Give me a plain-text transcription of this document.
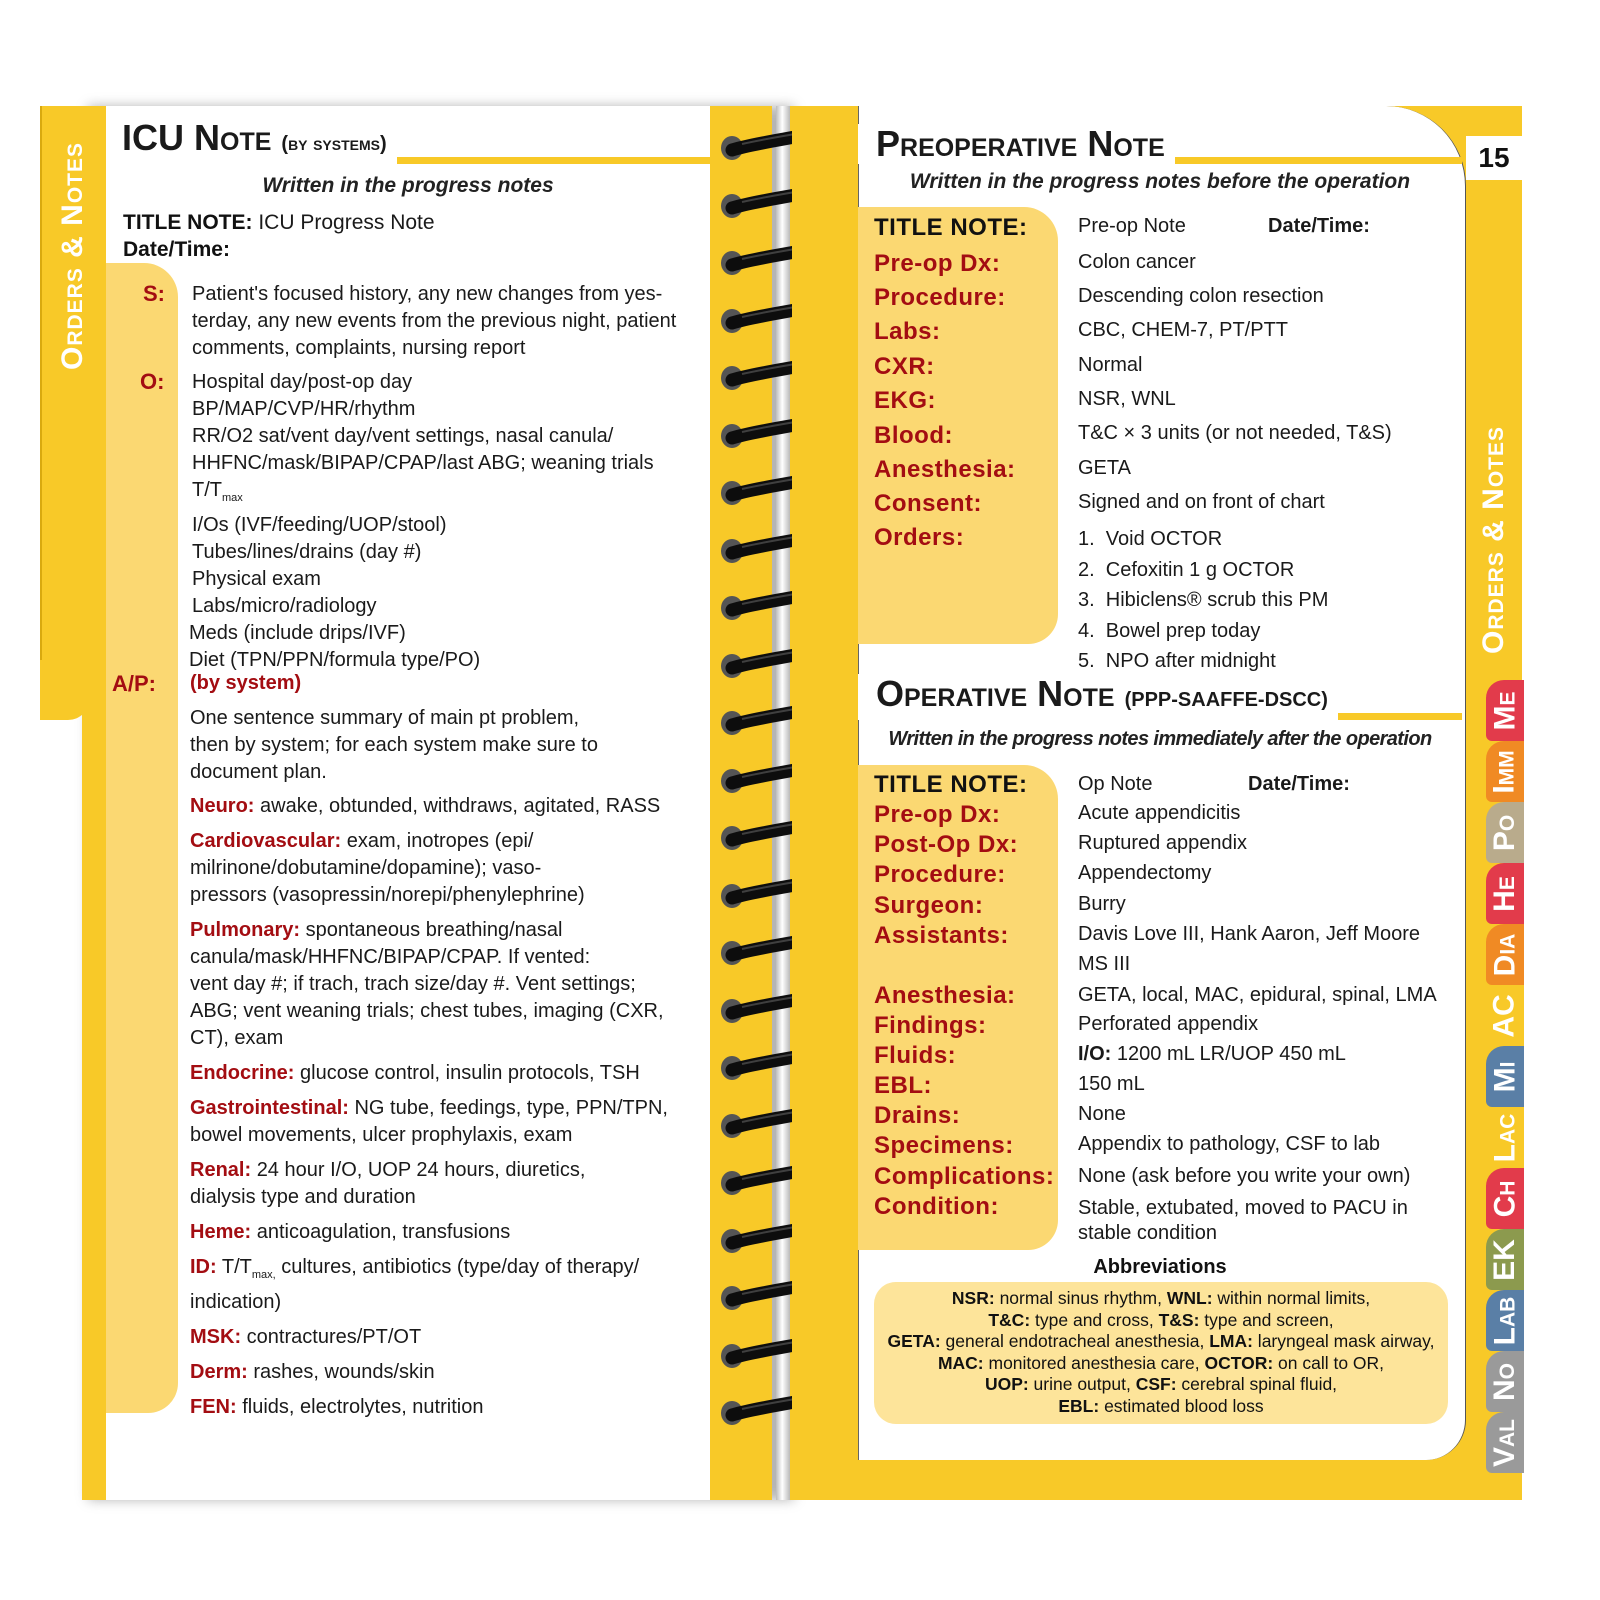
Orders & Notes
ICU Note (by systems)
Written in the progress notes
TITLE NOTE: ICU Progress Note
Date/Time:
S: Patient's focused history, any new changes from yes-
terday, any new events from the previous night, patient
comments, complaints, nursing report
O: Hospital day/post-op day
BP/MAP/CVP/HR/rhythm
RR/O2 sat/vent day/vent settings, nasal canula/
HHFNC/mask/BIPAP/CPAP/last ABG; weaning trials
$T/T_{max}$
I/Os (IVF/feeding/UOP/stool)
Tubes/lines/drains (day #)
Physical exam
Labs/micro/radiology
Meds (include drips/IVF)
Diet (TPN/PPN/formula type/PO)
A/P: (by system)
One sentence summary of main pt problem,
then by system; for each system make sure to
document plan.
Neuro: awake, obtunded, withdraws, agitated, RASS
Cardiovascular: exam, inotropes (epi/
milrinone/dobutamine/dopamine); vaso-
pressors (vasopressin/norepi/phenylephrine)
Pulmonary: spontaneous breathing/nasal
canula/mask/HHFNC/BIPAP/CPAP. If vented:
vent day #; if trach, trach size/day #. Vent settings;
ABG; vent weaning trials; chest tubes, imaging (CXR,
CT), exam
Endocrine: glucose control, insulin protocols, TSH
Gastrointestinal: NG tube, feedings, type, PPN/TPN,
bowel movements, ulcer prophylaxis, exam
Renal: 24 hour I/O, UOP 24 hours, diuretics,
dialysis type and duration
Heme: anticoagulation, transfusions
ID: $T/T_{max,}$ cultures, antibiotics (type/day of therapy/
indication)
MSK: contractures/PT/OT
Derm: rashes, wounds/skin
FEN: fluids, electrolytes, nutrition
15
Orders & Notes
Me
Imm
Po
He
Dia
AC
Mi
Lac
Ch
EK
Lab
No
Val
Preoperative Note
Written in the progress notes before the operation
TITLE NOTE:	Pre-op Note	Date/Time:
Pre-op Dx:	Colon cancer
Procedure:	Descending colon resection
Labs:	CBC, CHEM-7, PT/PTT
CXR:	Normal
EKG:	NSR, WNL
Blood:	T&C × 3 units (or not needed, T&S)
Anesthesia:	GETA
Consent:	Signed and on front of chart
Orders:	1.  Void OCTOR
2.  Cefoxitin 1 g OCTOR
3.  Hibiclens® scrub this PM
4.  Bowel prep today
5.  NPO after midnight
Operative Note (PPP-SAAFFE-DSCC)
Written in the progress notes immediately after the operation
TITLE NOTE:	Op Note	Date/Time:
Pre-op Dx:	Acute appendicitis
Post-Op Dx:	Ruptured appendix
Procedure:	Appendectomy
Surgeon:	Burry
Assistants:	Davis Love III, Hank Aaron, Jeff Moore
MS III
Anesthesia:	GETA, local, MAC, epidural, spinal, LMA
Findings:	Perforated appendix
Fluids:	I/O: 1200 mL LR/UOP 450 mL
EBL:	150 mL
Drains:	None
Specimens:	Appendix to pathology, CSF to lab
Complications: None (ask before you write your own)
Condition:	Stable, extubated, moved to PACU in
stable condition
Abbreviations
NSR: normal sinus rhythm, WNL: within normal limits,
T&C: type and cross, T&S: type and screen,
GETA: general endotracheal anesthesia, LMA: laryngeal mask airway, MAC: monitored anesthesia care, OCTOR: on call to OR,
UOP: urine output, CSF: cerebral spinal fluid,
EBL: estimated blood loss
